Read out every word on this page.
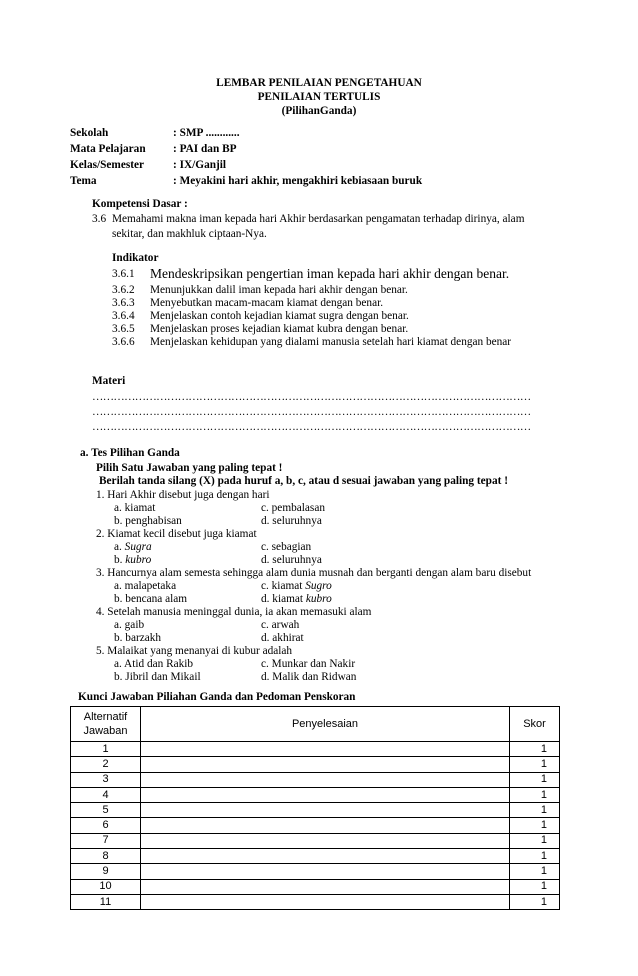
LEMBAR PENILAIAN PENGETAHUAN
PENILAIAN TERTULIS
(PilihanGanda)
Sekolah	: SMP ............
Mata Pelajaran : PAI dan BP
Kelas/Semester	: IX/Ganjil
Tema	: Meyakini hari akhir, mengakhiri kebiasaan buruk
Kompetensi Dasar :
3.6 Memahami makna iman kepada hari Akhir berdasarkan pengamatan terhadap dirinya, alam
sekitar, dan makhluk ciptaan-Nya.
Indikator
3.6.1 Mendeskripsikan pengertian iman kepada hari akhir dengan benar.
3.6.2 Menunjukkan dalil iman kepada hari akhir dengan benar.
3.6.3 Menyebutkan macam-macam kiamat dengan benar.
3.6.4 Menjelaskan contoh kejadian kiamat sugra dengan benar.
3.6.5 Menjelaskan proses kejadian kiamat kubra dengan benar.
3.6.6 Menjelaskan kehidupan yang dialami manusia setelah hari kiamat dengan benar
Materi
……………………………………………………………………………………………………………
……………………………………………………………………………………………………………
……………………………………………………………………………………………………………
a. Tes Pilihan Ganda
Pilih Satu Jawaban yang paling tepat !
Berilah tanda silang (X) pada huruf a, b, c, atau d sesuai jawaban yang paling tepat !
1. Hari Akhir disebut juga dengan hari
a. kiamat	c. pembalasan
b. penghabisan	d. seluruhnya
2. Kiamat kecil disebut juga kiamat
a. Sugra	c. sebagian
b. kubro	d. seluruhnya
3. Hancurnya alam semesta sehingga alam dunia musnah dan berganti dengan alam baru disebut
a. malapetaka	c. kiamat Sugro
b. bencana alam	d. kiamat kubro
4. Setelah manusia meninggal dunia, ia akan memasuki alam
a. gaib	c. arwah
b. barzakh	d. akhirat
5. Malaikat yang menanyai di kubur adalah
a. Atid dan Rakib	c. Munkar dan Nakir
b. Jibril dan Mikail	d. Malik dan Ridwan
Kunci Jawaban Piliahan Ganda dan Pedoman Penskoran
Alternatif
Jawaban	Penyelesaian	Skor
1		1
2		1
3		1
4		1
5		1
6		1
7		1
8		1
9		1
10		1
11		1
